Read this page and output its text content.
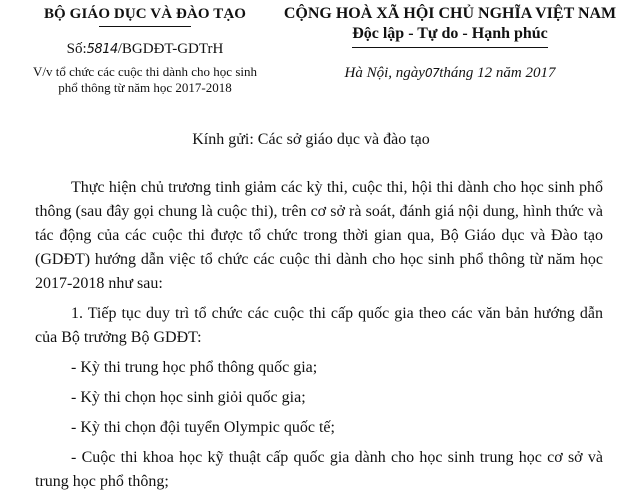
BỘ GIÁO DỤC VÀ ĐÀO TẠO
Số:5814/BGDĐT-GDTrH
V/v tổ chức các cuộc thi dành cho học sinh
phổ thông từ năm học 2017-2018
CỘNG HOÀ XÃ HỘI CHỦ NGHĨA VIỆT NAM
Độc lập - Tự do - Hạnh phúc
Hà Nội, ngày07tháng 12 năm 2017
Kính gửi: Các sở giáo dục và đào tạo

Thực hiện chủ trương tinh giảm các kỳ thi, cuộc thi, hội thi dành cho học sinh phổ thông (sau đây gọi chung là cuộc thi), trên cơ sở rà soát, đánh giá nội dung, hình thức và tác động của các cuộc thi được tổ chức trong thời gian qua, Bộ Giáo dục và Đào tạo (GDĐT) hướng dẫn việc tổ chức các cuộc thi dành cho học sinh phổ thông từ năm học 2017-2018 như sau:

1. Tiếp tục duy trì tổ chức các cuộc thi cấp quốc gia theo các văn bản hướng dẫn của Bộ trưởng Bộ GDĐT:

- Kỳ thi trung học phổ thông quốc gia;

- Kỳ thi chọn học sinh giỏi quốc gia;

- Kỳ thi chọn đội tuyển Olympic quốc tế;

- Cuộc thi khoa học kỹ thuật cấp quốc gia dành cho học sinh trung học cơ sở và trung học phổ thông;
